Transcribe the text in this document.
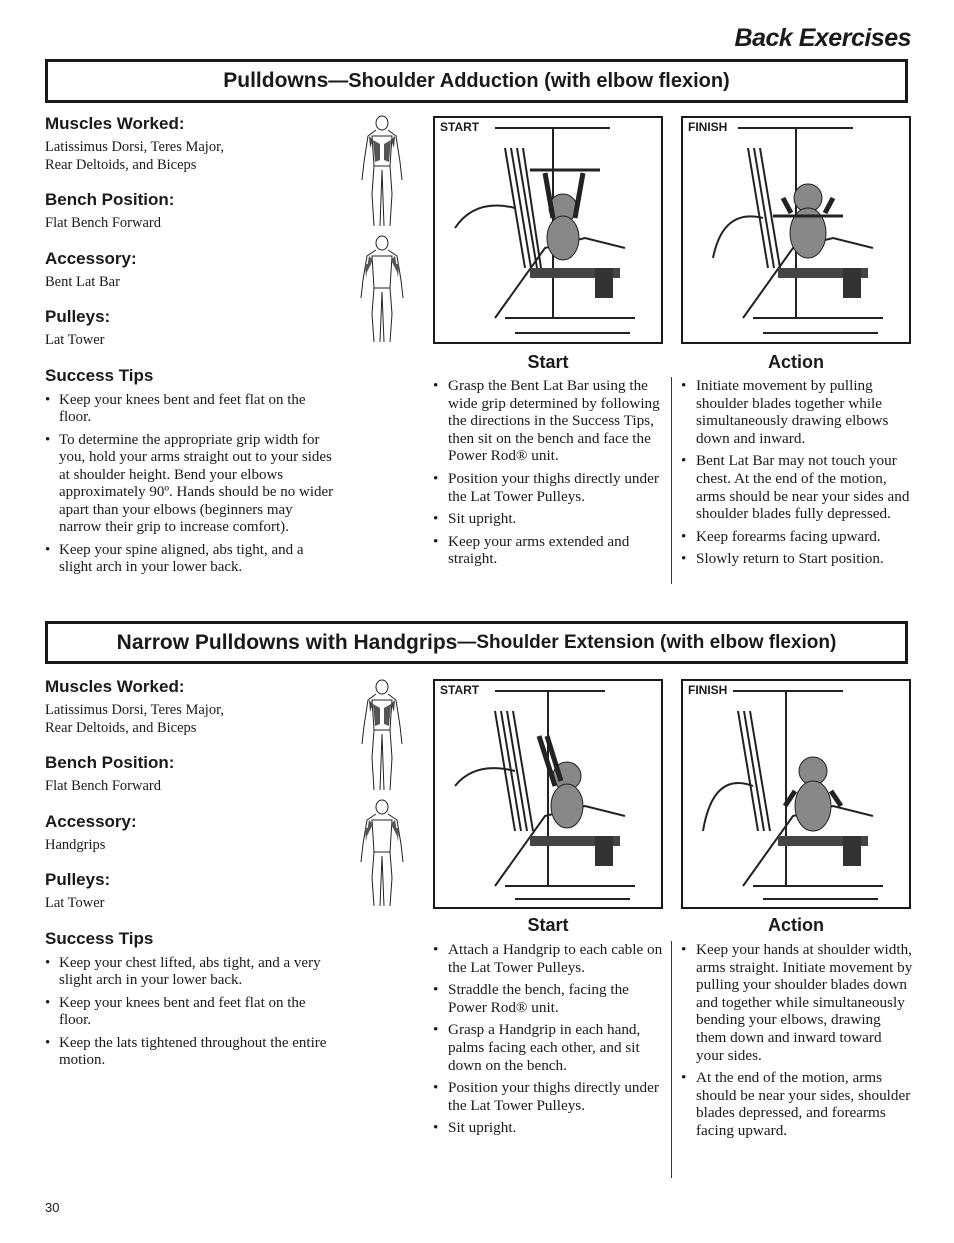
Back Exercises
Pulldowns —Shoulder Adduction (with elbow flexion)

Muscles Worked:

Latissimus Dorsi, Teres Major,

Rear Deltoids, and Biceps

Bench Position:

Flat Bench Forward

Accessory:

Bent Lat Bar

Pulleys:

Lat Tower

Success Tips

• Keep your knees bent and feet flat on the floor.
• To determine the appropriate grip width for you, hold your arms straight out to your sides at shoulder height. Bend your elbows approximately 90º. Hands should be no wider apart than your elbows (beginners may narrow their grip to increase comfort).
• Keep your spine aligned, abs tight, and a slight arch in your lower back.
START	FINISH
Start	Action
• Grasp the Bent Lat Bar using the wide grip determined by following the directions in the Success Tips, then sit on the bench and face the Power Rod® unit.
• Position your thighs directly under the Lat Tower Pulleys.
• Sit upright.
• Keep your arms extended and straight.
• Initiate movement by pulling shoulder blades together while simultaneously drawing elbows down and inward.
• Bent Lat Bar may not touch your chest. At the end of the motion, arms should be near your sides and shoulder blades fully depressed.
• Keep forearms facing upward.
• Slowly return to Start position.
Narrow Pulldowns with Handgrips —Shoulder Extension (with elbow flexion)

Muscles Worked:

Latissimus Dorsi, Teres Major,

Rear Deltoids, and Biceps

Bench Position:

Flat Bench Forward

Accessory:

Handgrips

Pulleys:

Lat Tower

Success Tips

• Keep your chest lifted, abs tight, and a very slight arch in your lower back.
• Keep your knees bent and feet flat on the floor.
• Keep the lats tightened throughout the entire motion.
START	FINISH
Start	Action
• Attach a Handgrip to each cable on the Lat Tower Pulleys.
• Straddle the bench, facing the Power Rod® unit.
• Grasp a Handgrip in each hand, palms facing each other, and sit down on the bench.
• Position your thighs directly under the Lat Tower Pulleys.
• Sit upright.
• Keep your hands at shoulder width, arms straight. Initiate movement by pulling your shoulder blades down and together while simultaneously bending your elbows, drawing them down and inward toward your sides.
• At the end of the motion, arms should be near your sides, shoulder blades depressed, and forearms facing upward.
30
